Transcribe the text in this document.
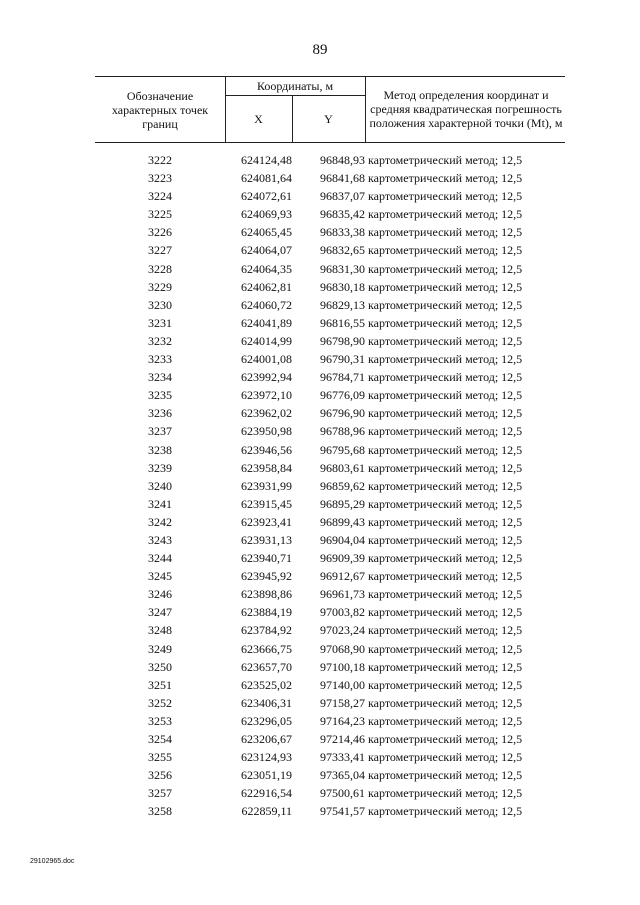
89
Обозначение характерных точек границ
Координаты, м
X	Y
Метод определения координат и средняя квадратическая погрешность положения характерной точки (Mt), м
3222	624124,48	96848,93 картометрический метод; 12,5
3223	624081,64	96841,68 картометрический метод; 12,5
3224	624072,61	96837,07 картометрический метод; 12,5
3225	624069,93	96835,42 картометрический метод; 12,5
3226	624065,45	96833,38 картометрический метод; 12,5
3227	624064,07	96832,65 картометрический метод; 12,5
3228	624064,35	96831,30 картометрический метод; 12,5
3229	624062,81	96830,18 картометрический метод; 12,5
3230	624060,72	96829,13 картометрический метод; 12,5
3231	624041,89	96816,55 картометрический метод; 12,5
3232	624014,99	96798,90 картометрический метод; 12,5
3233	624001,08	96790,31 картометрический метод; 12,5
3234	623992,94	96784,71 картометрический метод; 12,5
3235	623972,10	96776,09 картометрический метод; 12,5
3236	623962,02	96796,90 картометрический метод; 12,5
3237	623950,98	96788,96 картометрический метод; 12,5
3238	623946,56	96795,68 картометрический метод; 12,5
3239	623958,84	96803,61 картометрический метод; 12,5
3240	623931,99	96859,62 картометрический метод; 12,5
3241	623915,45	96895,29 картометрический метод; 12,5
3242	623923,41	96899,43 картометрический метод; 12,5
3243	623931,13	96904,04 картометрический метод; 12,5
3244	623940,71	96909,39 картометрический метод; 12,5
3245	623945,92	96912,67 картометрический метод; 12,5
3246	623898,86	96961,73 картометрический метод; 12,5
3247	623884,19	97003,82 картометрический метод; 12,5
3248	623784,92	97023,24 картометрический метод; 12,5
3249	623666,75	97068,90 картометрический метод; 12,5
3250	623657,70	97100,18 картометрический метод; 12,5
3251	623525,02	97140,00 картометрический метод; 12,5
3252	623406,31	97158,27 картометрический метод; 12,5
3253	623296,05	97164,23 картометрический метод; 12,5
3254	623206,67	97214,46 картометрический метод; 12,5
3255	623124,93	97333,41 картометрический метод; 12,5
3256	623051,19	97365,04 картометрический метод; 12,5
3257	622916,54	97500,61 картометрический метод; 12,5
3258	622859,11	97541,57 картометрический метод; 12,5
29102965.doc
